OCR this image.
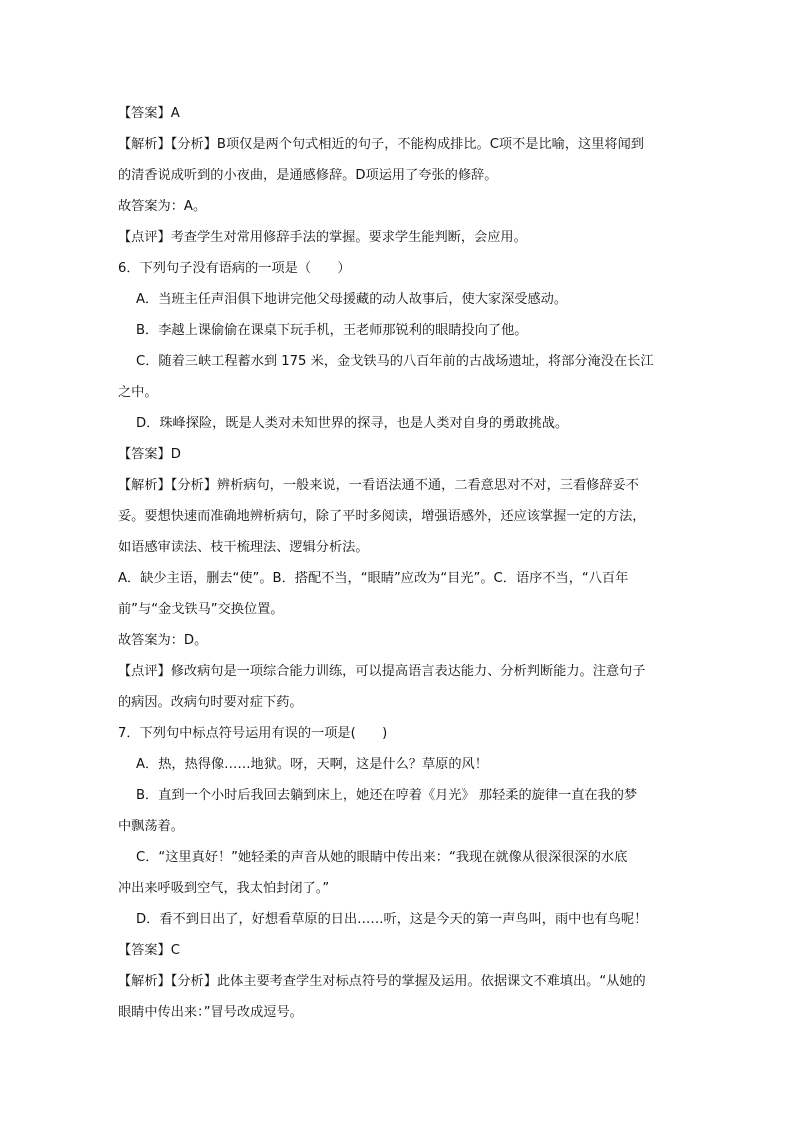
【答案】A
【解析】【分析】B项仅是两个句式相近的句子，不能构成排比。C项不是比喻，这里将闻到
的清香说成听到的小夜曲，是通感修辞。D项运用了夸张的修辞。
故答案为：A。
【点评】考查学生对常用修辞手法的掌握。要求学生能判断，会应用。
6．下列句子没有语病的一项是（　　）
A．当班主任声泪俱下地讲完他父母援藏的动人故事后，使大家深受感动。
B．李越上课偷偷在课桌下玩手机，王老师那锐利的眼睛投向了他。
C．随着三峡工程蓄水到 175 米，金戈铁马的八百年前的古战场遗址，将部分淹没在长江
之中。
D．珠峰探险，既是人类对未知世界的探寻，也是人类对自身的勇敢挑战。
【答案】D
【解析】【分析】辨析病句，一般来说，一看语法通不通，二看意思对不对，三看修辞妥不
妥。要想快速而准确地辨析病句，除了平时多阅读，增强语感外，还应该掌握一定的方法，
如语感审读法、枝干梳理法、逻辑分析法。
A．缺少主语，删去“使”。B．搭配不当，“眼睛”应改为“目光”。C．语序不当，“八百年
前”与“金戈铁马”交换位置。
故答案为：D。
【点评】修改病句是一项综合能力训练，可以提高语言表达能力、分析判断能力。注意句子
的病因。改病句时要对症下药。
7．下列句中标点符号运用有误的一项是(　　)
A．热，热得像……地狱。呀，天啊，这是什么？草原的风！
B．直到一个小时后我回去躺到床上，她还在哼着《月光》 那轻柔的旋律一直在我的梦
中飘荡着。
C．“这里真好！”她轻柔的声音从她的眼睛中传出来：“我现在就像从很深很深的水底
冲出来呼吸到空气，我太怕封闭了。”
D．看不到日出了，好想看草原的日出……听，这是今天的第一声鸟叫，雨中也有鸟呢！
【答案】C
【解析】【分析】此体主要考查学生对标点符号的掌握及运用。依据课文不难填出。“从她的
眼睛中传出来：”冒号改成逗号。
